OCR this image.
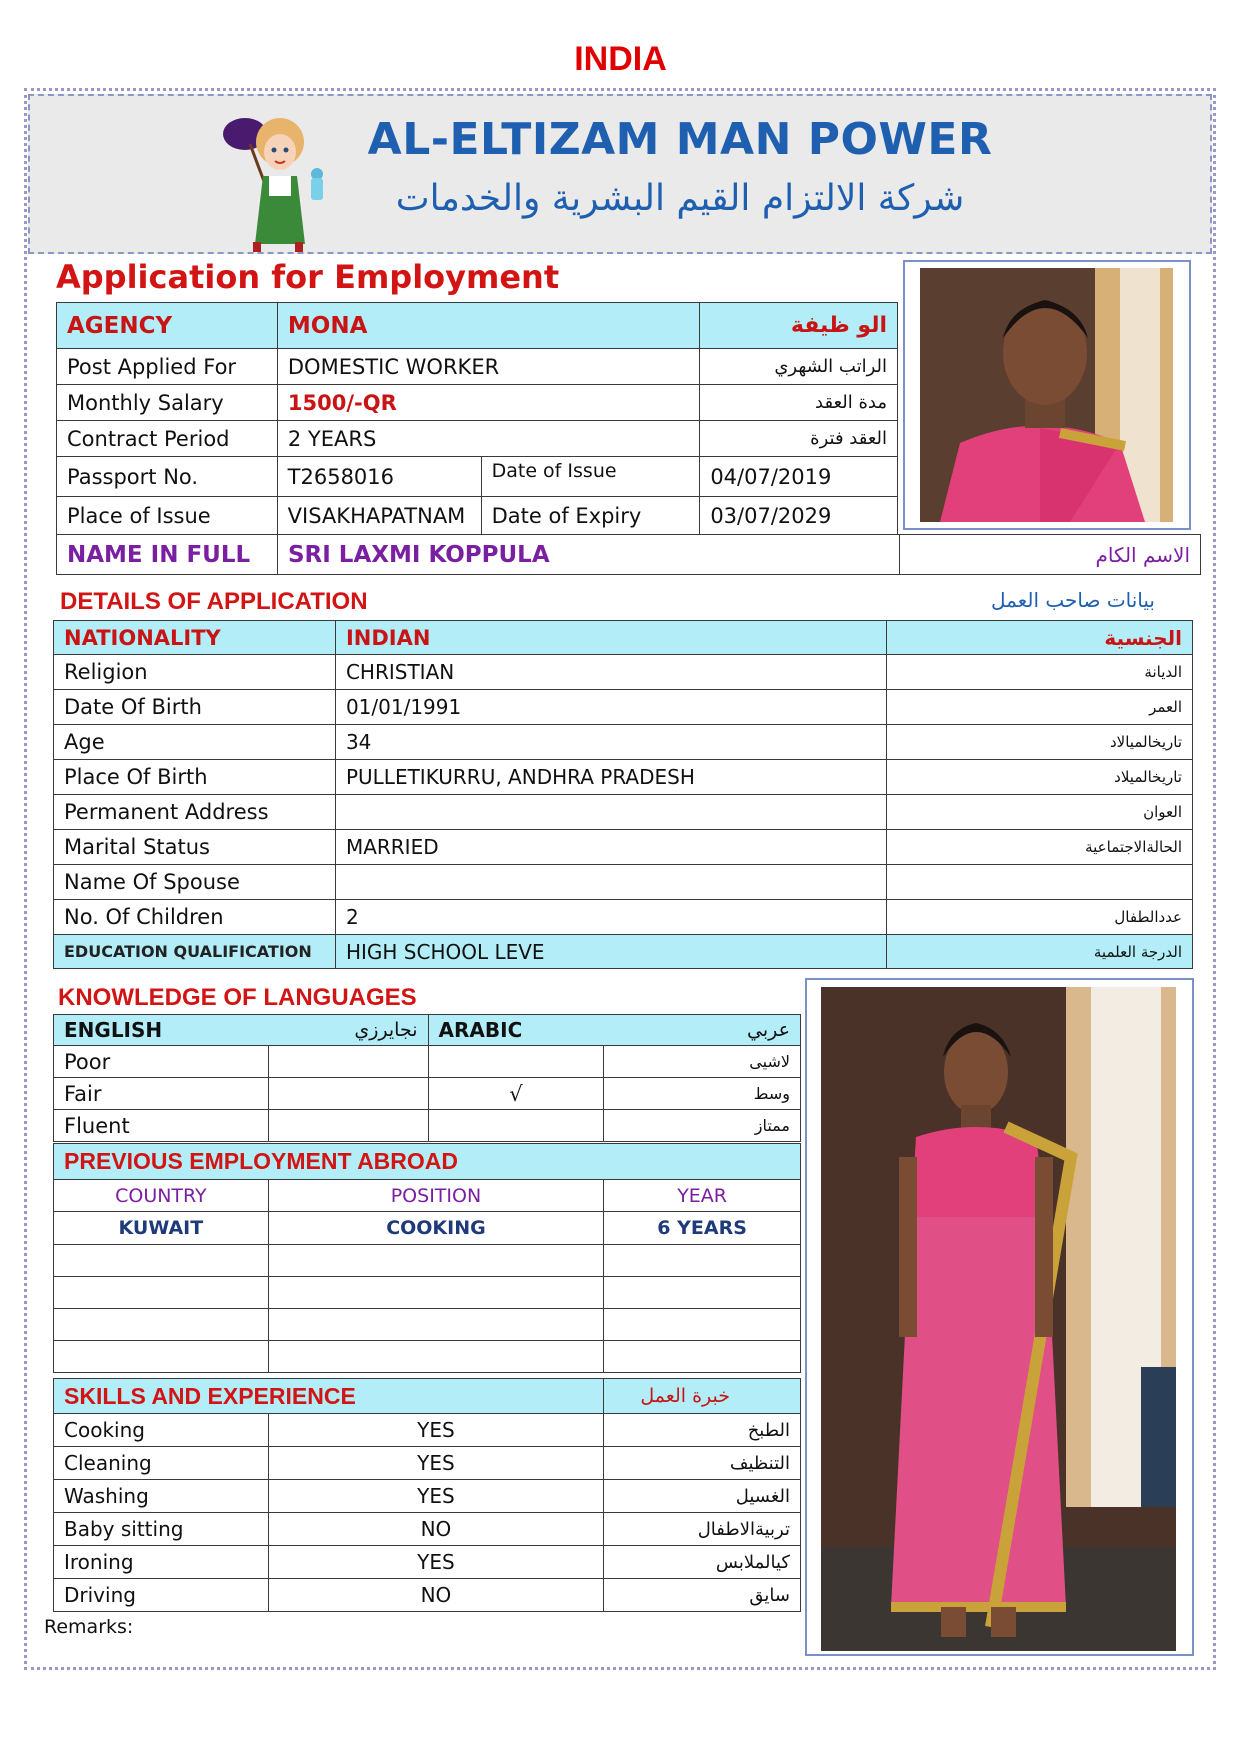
INDIA
AL-ELTIZAM MAN POWER
شركة الالتزام القيم البشرية والخدمات
Application for Employment
AGENCY	MONA	الو ظيفة
Post Applied For	DOMESTIC WORKER	الراتب الشهري
Monthly Salary	1500/-QR	مدة العقد
Contract Period	2 YEARS	العقد فترة
Passport No.	T2658016	Date of Issue	04/07/2019
Place of Issue	VISAKHAPATNAM	Date of Expiry	03/07/2029
NAME IN FULL	SRI LAXMI KOPPULA	الاسم الكام
DETAILS OF APPLICATION	بيانات صاحب العمل
NATIONALITY	INDIAN	الجنسية
Religion	CHRISTIAN	الديانة
Date Of Birth	01/01/1991	العمر
Age	34	تاريخالميالاد
Place Of Birth	PULLETIKURRU, ANDHRA PRADESH	تاريخالميلاد
Permanent Address		العوان
Marital Status	MARRIED	الحالةالاجتماعية
Name Of Spouse		
No. Of Children	2	عددالطفال
EDUCATION QUALIFICATION	HIGH SCHOOL LEVE	الدرجة العلمية
KNOWLEDGE OF LANGUAGES
ENGLISH	نجايرزي	ARABIC	عربي
Poor			لاشيى
Fair		√	وسط
Fluent			ممتاز
PREVIOUS EMPLOYMENT ABROAD		
COUNTRY	POSITION	YEAR
KUWAIT	COOKING	6 YEARS

SKILLS AND EXPERIENCE		خبرة العمل
Cooking	YES	الطبخ
Cleaning	YES	التنظيف
Washing	YES	الغسيل
Baby sitting	NO	تربيةالاطفال
Ironing	YES	كيالملابس
Driving	NO	سايق
Remarks:
